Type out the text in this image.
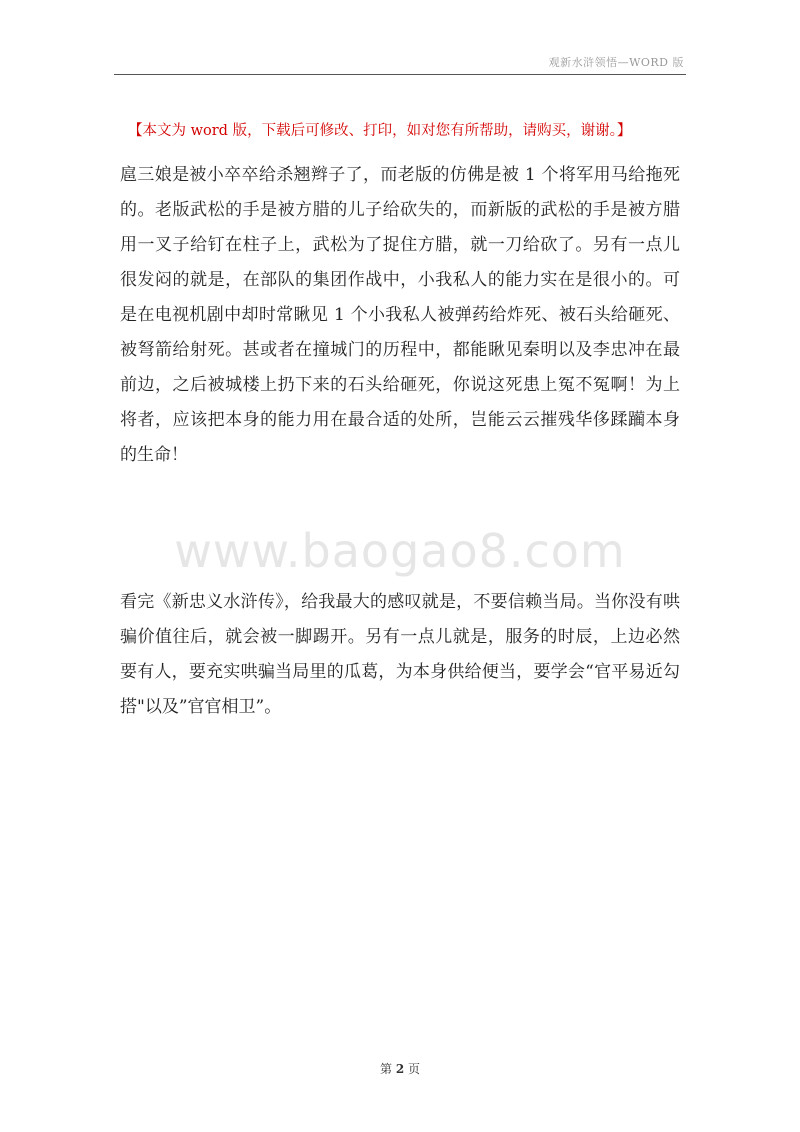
观新水浒领悟—WORD 版
【本文为 word 版，下载后可修改、打印，如对您有所帮助，请购买，谢谢。】

扈三娘是被小卒卒给杀翘辫子了，而老版的仿佛是被 1 个将军用马给拖死的。老版武松的手是被方腊的儿子给砍失的，而新版的武松的手是被方腊用一叉子给钉在柱子上，武松为了捉住方腊，就一刀给砍了。另有一点儿很发闷的就是，在部队的集团作战中，小我私人的能力实在是很小的。可是在电视机剧中却时常瞅见 1 个小我私人被弹药给炸死、被石头给砸死、被弩箭给射死。甚或者在撞城门的历程中，都能瞅见秦明以及李忠冲在最前边，之后被城楼上扔下来的石头给砸死，你说这死患上冤不冤啊！为上将者，应该把本身的能力用在最合适的处所，岂能云云摧残华侈蹂躏本身的生命！

www.baogao8.com

看完《新忠义水浒传》，给我最大的感叹就是，不要信赖当局。当你没有哄骗价值往后，就会被一脚踢开。另有一点儿就是，服务的时辰，上边必然要有人，要充实哄骗当局里的瓜葛，为本身供给便当，要学会“官平易近勾搭"以及”官官相卫”。

第 2 页
